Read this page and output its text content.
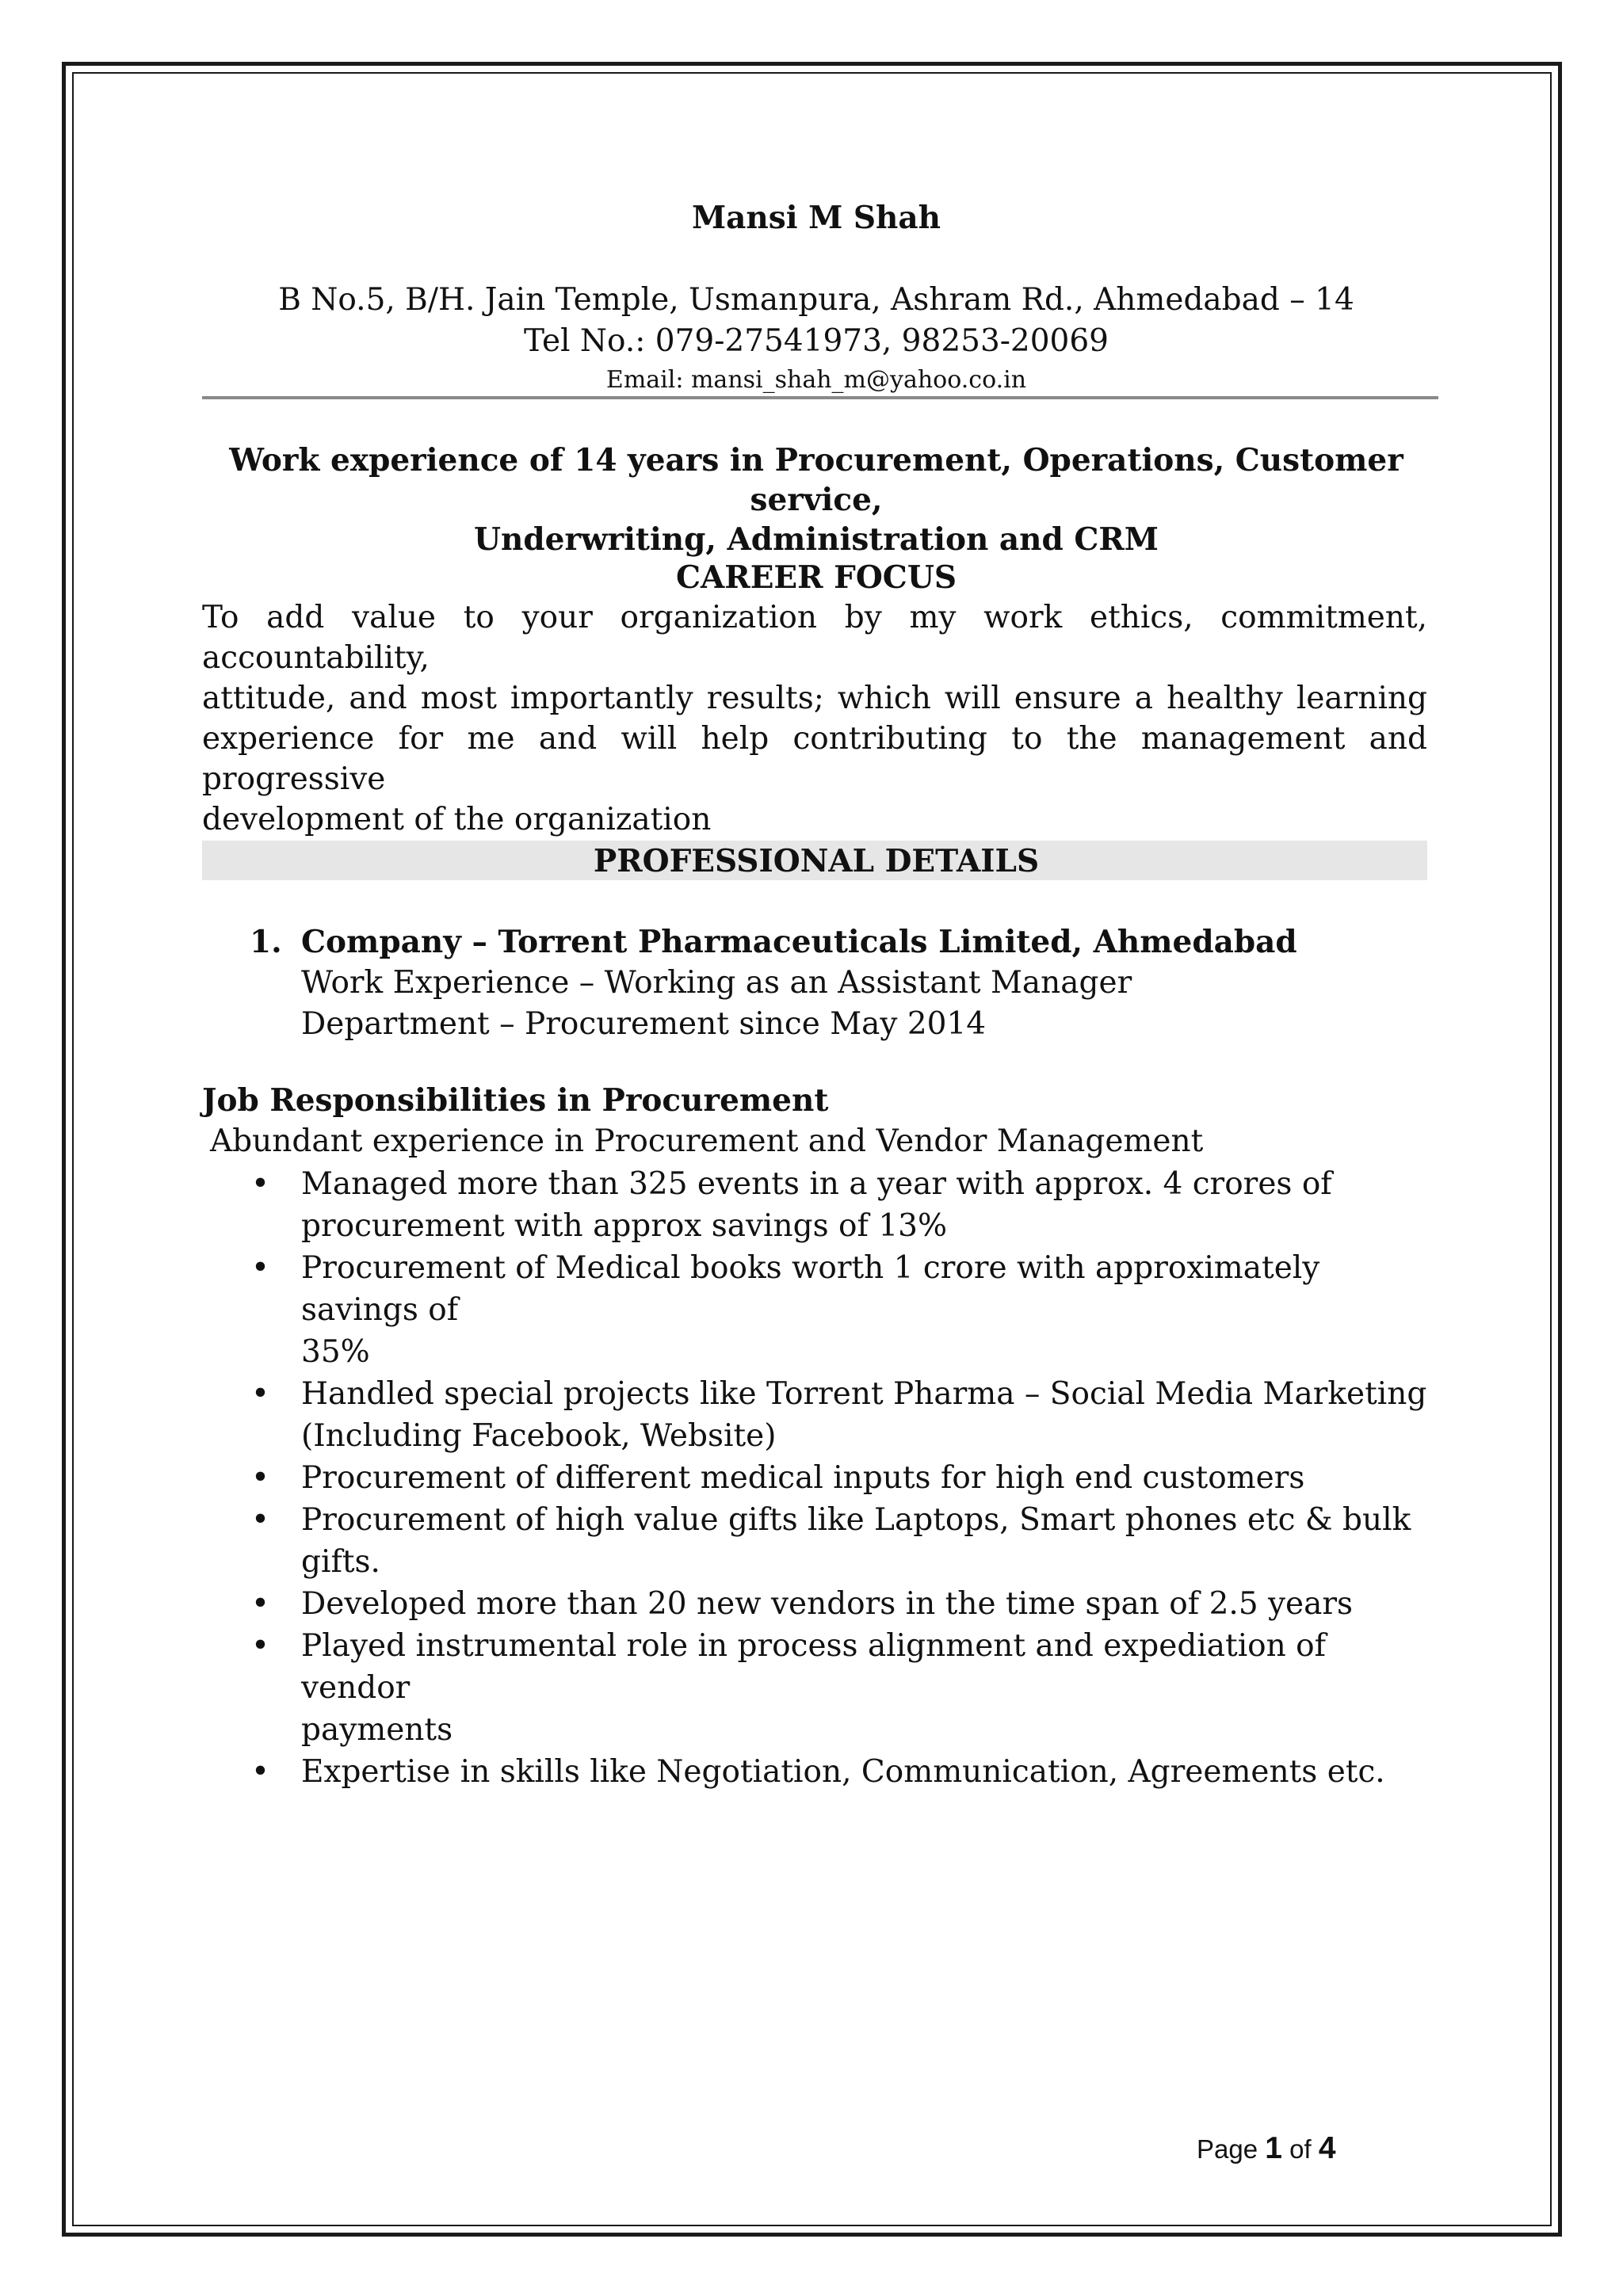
Mansi M Shah
B No.5, B/H. Jain Temple, Usmanpura, Ashram Rd., Ahmedabad – 14
Tel No.: 079-27541973, 98253-20069
Email: mansi_shah_m@yahoo.co.in
Work experience of 14 years in Procurement, Operations, Customer service,
Underwriting, Administration and CRM
CAREER FOCUS
To add value to your organization by my work ethics, commitment, accountability,
attitude, and most importantly results; which will ensure a healthy learning
experience for me and will help contributing to the management and progressive
development of the organization
PROFESSIONAL DETAILS
1. Company – Torrent Pharmaceuticals Limited, Ahmedabad
Work Experience – Working as an Assistant Manager
Department – Procurement since May 2014
Job Responsibilities in Procurement
Abundant experience in Procurement and Vendor Management
• Managed more than 325 events in a year with approx. 4 crores of
procurement with approx savings of 13%
• Procurement of Medical books worth 1 crore with approximately savings of
35%
• Handled special projects like Torrent Pharma – Social Media Marketing
(Including Facebook, Website)
• Procurement of different medical inputs for high end customers
• Procurement of high value gifts like Laptops, Smart phones etc & bulk gifts.
• Developed more than 20 new vendors in the time span of 2.5 years
• Played instrumental role in process alignment and expediation of vendor
payments
• Expertise in skills like Negotiation, Communication, Agreements etc.
Page 1 of 4
